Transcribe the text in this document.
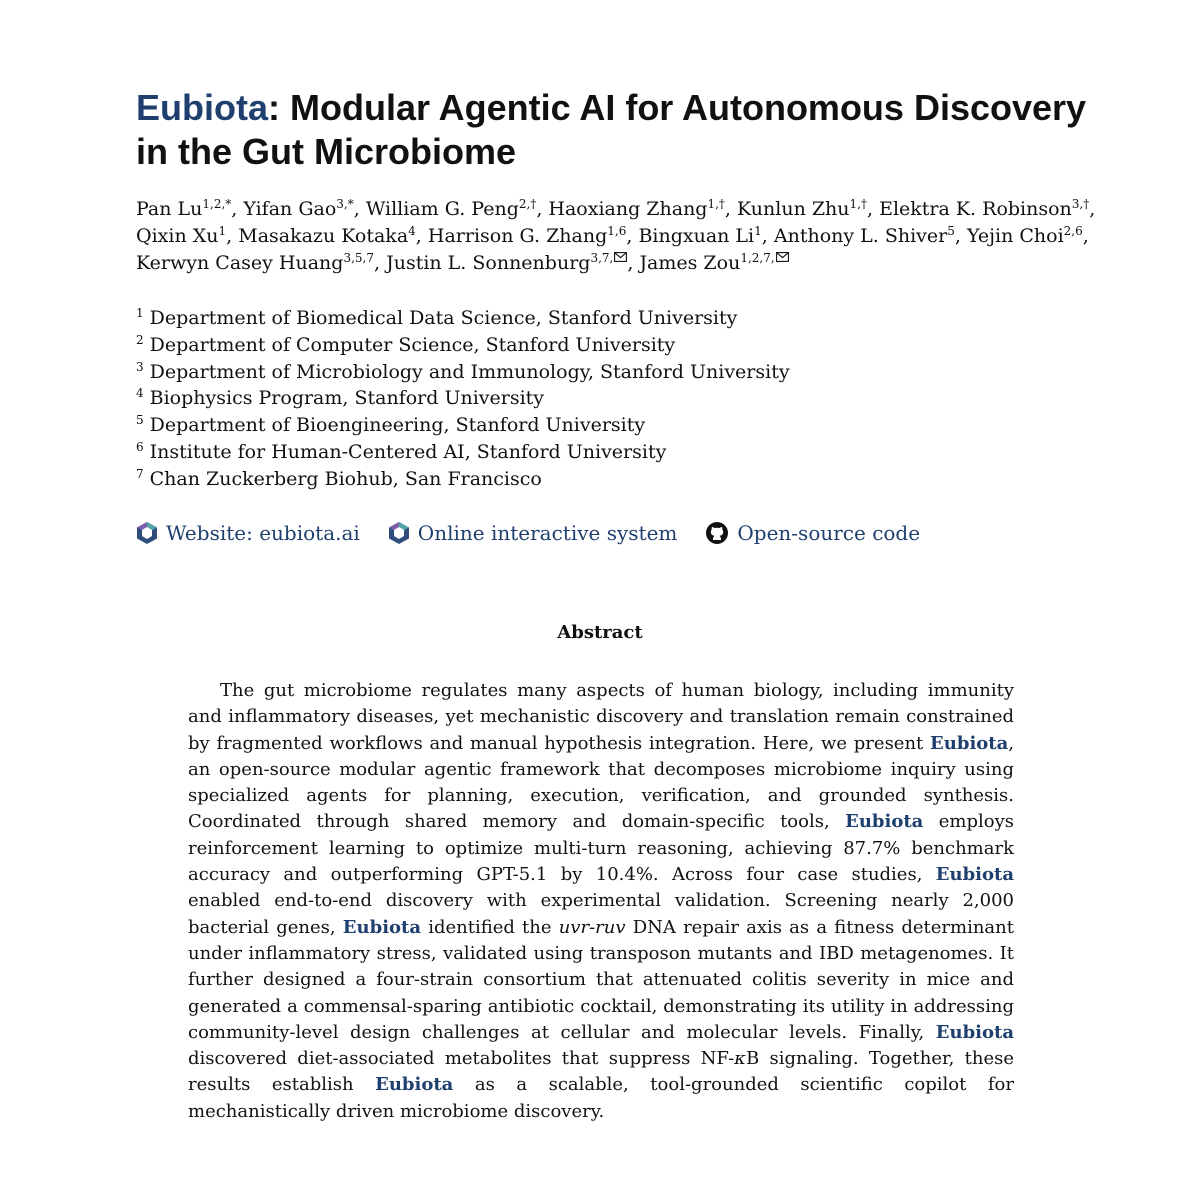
Eubiota: Modular Agentic AI for Autonomous Discovery in the Gut Microbiome

Pan $Lu^{1,2,*}$, Yifan Gao$^{3,*}$, William G. Peng$^{2,\dagger}$, Haoxiang Zhang$^{1,\dagger}$, Kunlun Zhu$^{1,\dagger}$, Elektra K. Robinson$^{3,\dagger}$, Qixin Xu$^1$, Masakazu Kotaka$^4$, Harrison G. Zhang$^{1,6}$, Bingxuan Li$^1$, Anthony L. Shiver$^5$, Yejin Choi$^{2,6}$, Kerwyn Casey Huang$^{3,5,7}$, Justin L. Sonnenburg$^{3,7,}$ , James Zou$^{1,2,7,}$

$^1$ Department of Biomedical Data Science, Stanford University
$^2$ Department of Computer Science, Stanford University
$^3$ Department of Microbiology and Immunology, Stanford University
$^4$ Biophysics Program, Stanford University
$^5$ Department of Bioengineering, Stanford University
$^6$ Institute for Human-Centered AI, Stanford University
$^7$ Chan Zuckerberg Biohub, San Francisco
Website: eubiota.ai	Online interactive system	Open-source code
Abstract

The gut microbiome regulates many aspects of human biology, including immunity and inflammatory diseases, yet mechanistic discovery and translation remain constrained by fragmented workflows and manual hypothesis integration. Here, we present Eubiota, an open-source modular agentic framework that decomposes microbiome inquiry using specialized agents for planning, execution, verification, and grounded synthesis. Coordinated through shared memory and domain-specific tools, Eubiota employs reinforcement learning to optimize multi-turn reasoning, achieving 87.7% benchmark accuracy and outperforming GPT-5.1 by 10.4%. Across four case studies, Eubiota enabled end-to-end discovery with experimental validation. Screening nearly 2,000 bacterial genes, Eubiota identified the uvr-ruv DNA repair axis as a fitness determinant under inflammatory stress, validated using transposon mutants and IBD metagenomes. It further designed a four-strain consortium that attenuated colitis severity in mice and generated a commensal-sparing antibiotic cocktail, demonstrating its utility in addressing community-level design challenges at cellular and molecular levels. Finally, Eubiota discovered diet-associated metabolites that suppress NF-κB signaling. Together, these results establish Eubiota as a scalable, tool-grounded scientific copilot for mechanistically driven microbiome discovery.
